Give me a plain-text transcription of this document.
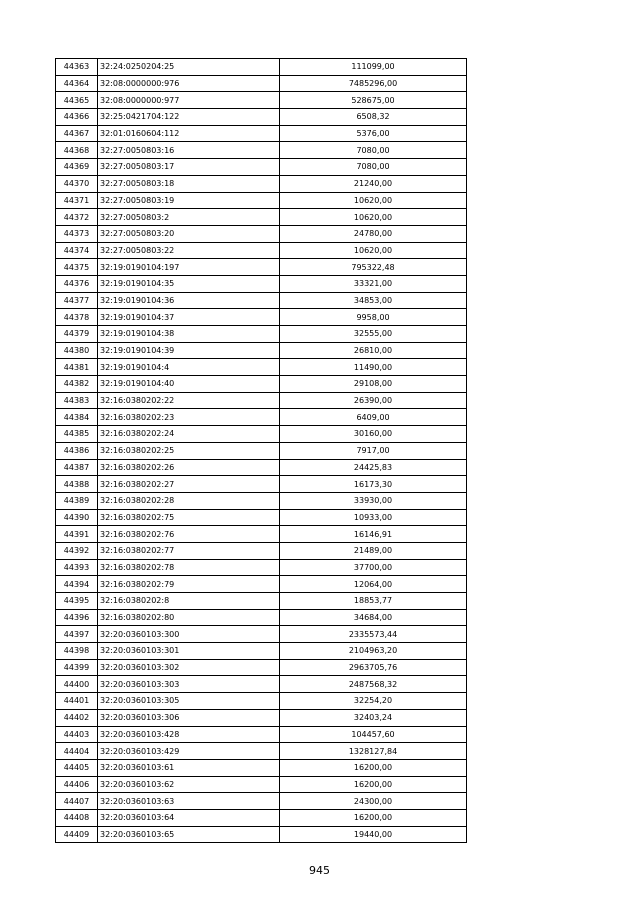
44363	32:24:0250204:25	111099,00
44364	32:08:0000000:976	7485296,00
44365	32:08:0000000:977	528675,00
44366	32:25:0421704:122	6508,32
44367	32:01:0160604:112	5376,00
44368	32:27:0050803:16	7080,00
44369	32:27:0050803:17	7080,00
44370	32:27:0050803:18	21240,00
44371	32:27:0050803:19	10620,00
44372	32:27:0050803:2	10620,00
44373	32:27:0050803:20	24780,00
44374	32:27:0050803:22	10620,00
44375	32:19:0190104:197	795322,48
44376	32:19:0190104:35	33321,00
44377	32:19:0190104:36	34853,00
44378	32:19:0190104:37	9958,00
44379	32:19:0190104:38	32555,00
44380	32:19:0190104:39	26810,00
44381	32:19:0190104:4	11490,00
44382	32:19:0190104:40	29108,00
44383	32:16:0380202:22	26390,00
44384	32:16:0380202:23	6409,00
44385	32:16:0380202:24	30160,00
44386	32:16:0380202:25	7917,00
44387	32:16:0380202:26	24425,83
44388	32:16:0380202:27	16173,30
44389	32:16:0380202:28	33930,00
44390	32:16:0380202:75	10933,00
44391	32:16:0380202:76	16146,91
44392	32:16:0380202:77	21489,00
44393	32:16:0380202:78	37700,00
44394	32:16:0380202:79	12064,00
44395	32:16:0380202:8	18853,77
44396	32:16:0380202:80	34684,00
44397	32:20:0360103:300	2335573,44
44398	32:20:0360103:301	2104963,20
44399	32:20:0360103:302	2963705,76
44400	32:20:0360103:303	2487568,32
44401	32:20:0360103:305	32254,20
44402	32:20:0360103:306	32403,24
44403	32:20:0360103:428	104457,60
44404	32:20:0360103:429	1328127,84
44405	32:20:0360103:61	16200,00
44406	32:20:0360103:62	16200,00
44407	32:20:0360103:63	24300,00
44408	32:20:0360103:64	16200,00
44409	32:20:0360103:65	19440,00
945
